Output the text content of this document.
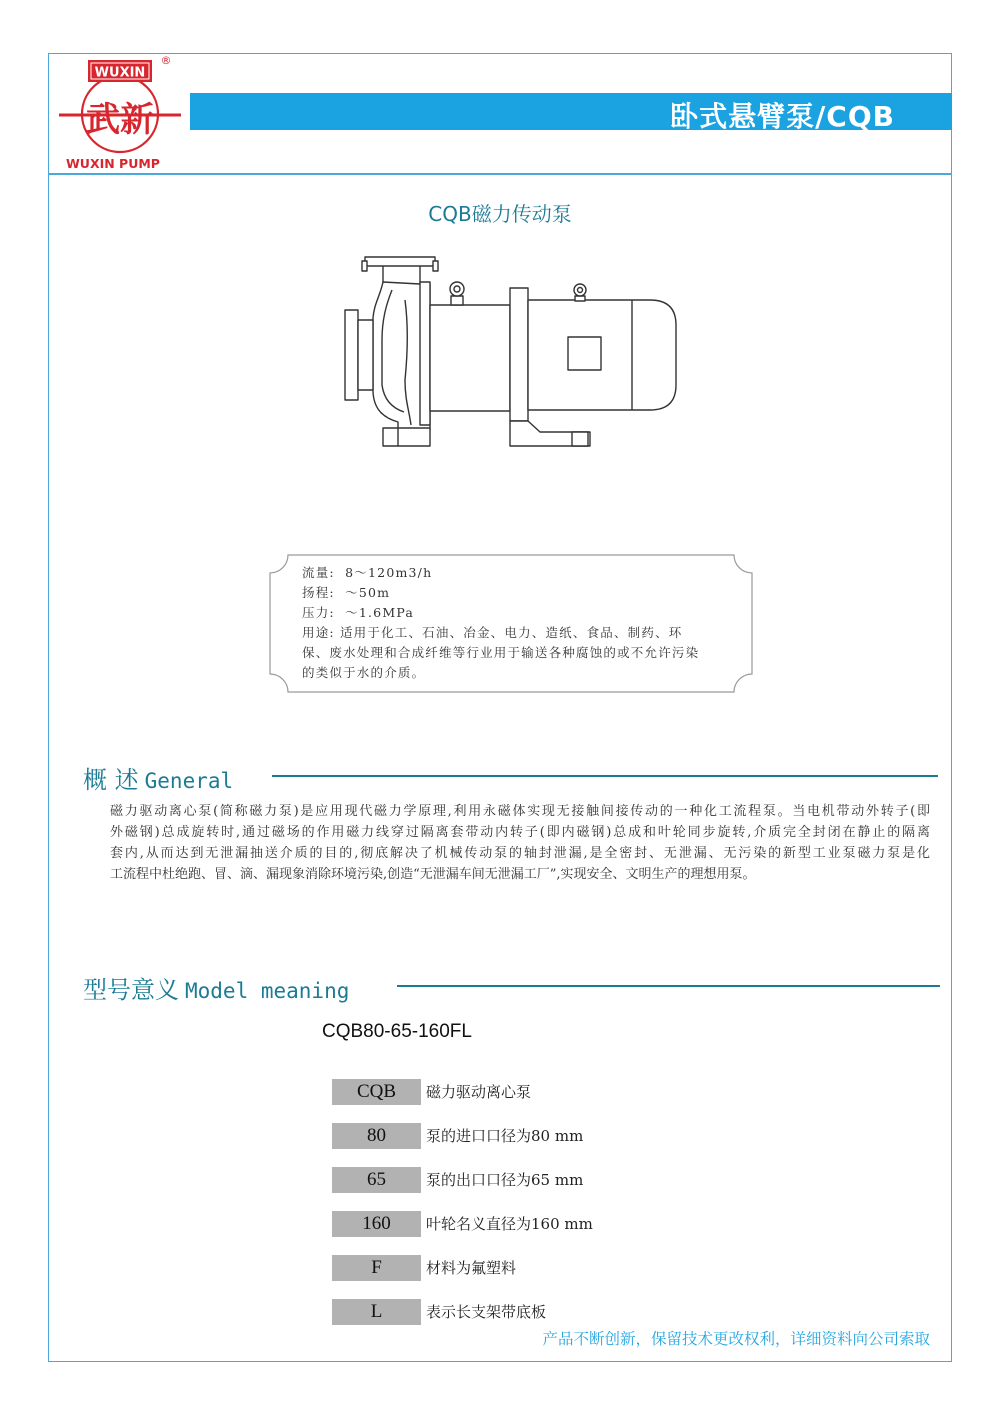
WUXIN
®
武新
WUXIN PUMP
卧式悬臂泵/CQB
CQB磁力传动泵
流量:  8～120m3/h
扬程:  ～50m
压力:  ～1.6MPa
用途: 适用于化工、石油、冶金、电力、造纸、食品、制药、环
保、废水处理和合成纤维等行业用于输送各种腐蚀的或不允许污染
的类似于水的介质。
概 述 General
磁力驱动离心泵(简称磁力泵)是应用现代磁力学原理,利用永磁体实现无接触间接传动的一种化工流程泵。当电机带动外转子(即
外磁钢)总成旋转时,通过磁场的作用磁力线穿过隔离套带动内转子(即内磁钢)总成和叶轮同步旋转,介质完全封闭在静止的隔离
套内,从而达到无泄漏抽送介质的目的,彻底解决了机械传动泵的轴封泄漏,是全密封、无泄漏、无污染的新型工业泵磁力泵是化
工流程中杜绝跑、冒、滴、漏现象消除环境污染,创造“无泄漏车间无泄漏工厂”,实现安全、文明生产的理想用泵。
型号意义 Model meaning
CQB80-65-160FL
CQB	磁力驱动离心泵
80	泵的进口口径为80 mm
65	泵的出口口径为65 mm
160	叶轮名义直径为160 mm
F	材料为氟塑料
L	表示长支架带底板
产品不断创新，保留技术更改权利，详细资料向公司索取
